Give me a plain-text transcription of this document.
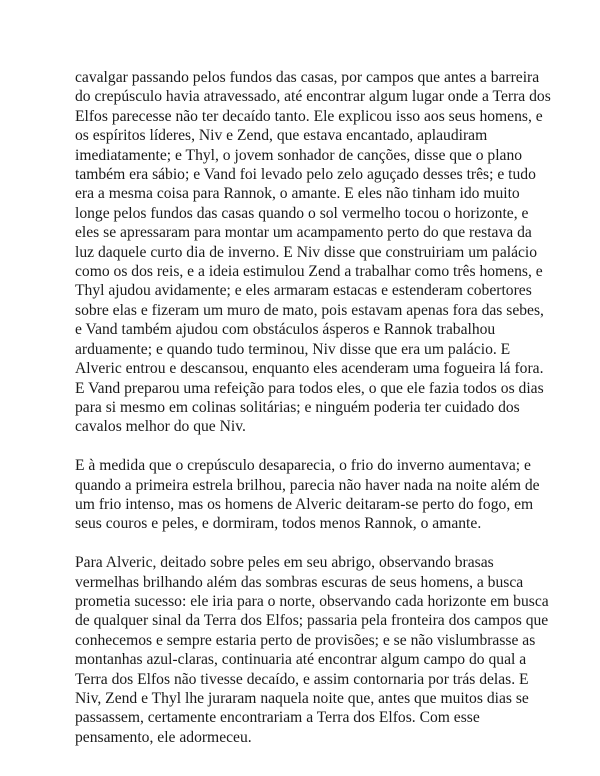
cavalgar passando pelos fundos das casas, por campos que antes a barreira
do crepúsculo havia atravessado, até encontrar algum lugar onde a Terra dos
Elfos parecesse não ter decaído tanto. Ele explicou isso aos seus homens, e
os espíritos líderes, Niv e Zend, que estava encantado, aplaudiram
imediatamente; e Thyl, o jovem sonhador de canções, disse que o plano
também era sábio; e Vand foi levado pelo zelo aguçado desses três; e tudo
era a mesma coisa para Rannok, o amante. E eles não tinham ido muito
longe pelos fundos das casas quando o sol vermelho tocou o horizonte, e
eles se apressaram para montar um acampamento perto do que restava da
luz daquele curto dia de inverno. E Niv disse que construiriam um palácio
como os dos reis, e a ideia estimulou Zend a trabalhar como três homens, e
Thyl ajudou avidamente; e eles armaram estacas e estenderam cobertores
sobre elas e fizeram um muro de mato, pois estavam apenas fora das sebes,
e Vand também ajudou com obstáculos ásperos e Rannok trabalhou
arduamente; e quando tudo terminou, Niv disse que era um palácio. E
Alveric entrou e descansou, enquanto eles acenderam uma fogueira lá fora.
E Vand preparou uma refeição para todos eles, o que ele fazia todos os dias
para si mesmo em colinas solitárias; e ninguém poderia ter cuidado dos
cavalos melhor do que Niv.

E à medida que o crepúsculo desaparecia, o frio do inverno aumentava; e
quando a primeira estrela brilhou, parecia não haver nada na noite além de
um frio intenso, mas os homens de Alveric deitaram-se perto do fogo, em
seus couros e peles, e dormiram, todos menos Rannok, o amante.

Para Alveric, deitado sobre peles em seu abrigo, observando brasas
vermelhas brilhando além das sombras escuras de seus homens, a busca
prometia sucesso: ele iria para o norte, observando cada horizonte em busca
de qualquer sinal da Terra dos Elfos; passaria pela fronteira dos campos que
conhecemos e sempre estaria perto de provisões; e se não vislumbrasse as
montanhas azul-claras, continuaria até encontrar algum campo do qual a
Terra dos Elfos não tivesse decaído, e assim contornaria por trás delas. E
Niv, Zend e Thyl lhe juraram naquela noite que, antes que muitos dias se
passassem, certamente encontrariam a Terra dos Elfos. Com esse
pensamento, ele adormeceu.
